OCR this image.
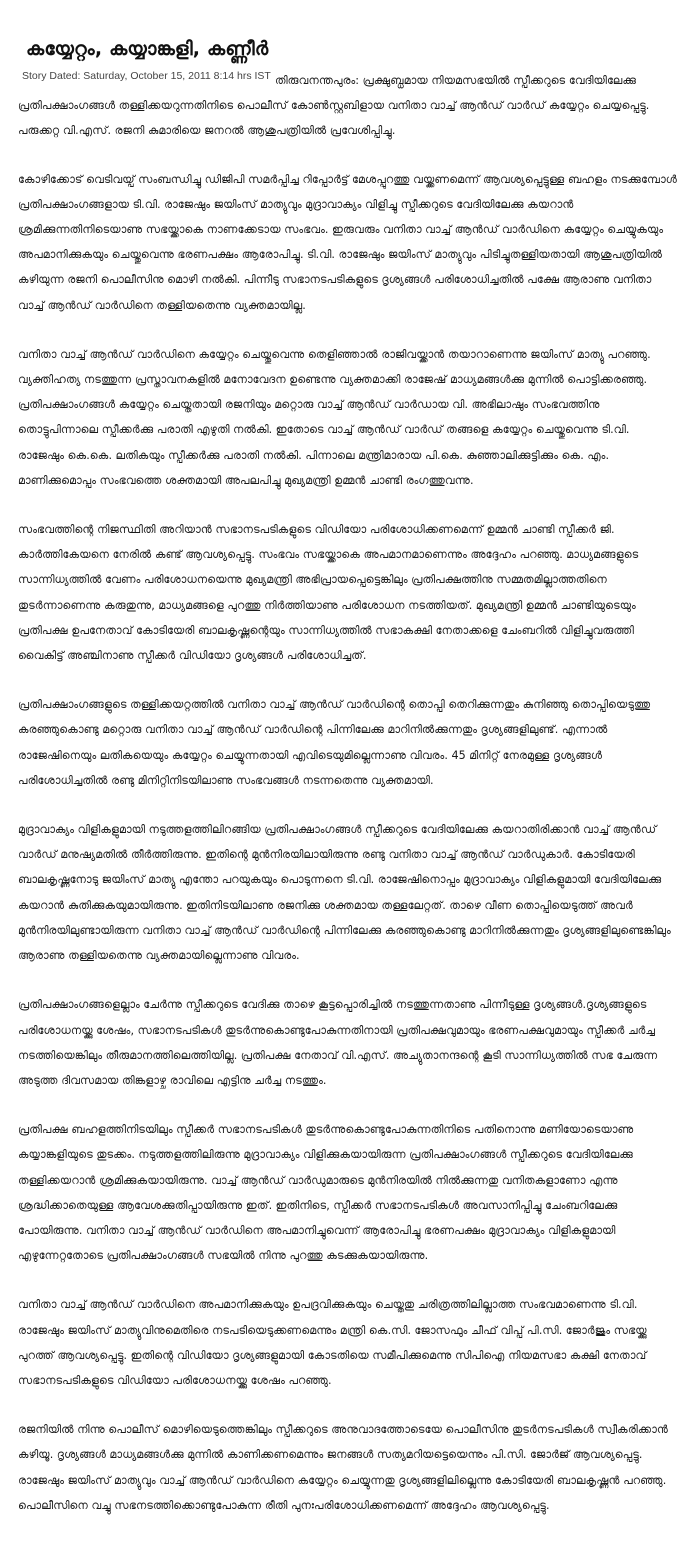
കയ്യേറ്റം, കയ്യാങ്കളി, കണ്ണീര്‍

തിരുവനന്തപുരം: പ്രക്ഷുബ്ധമായ നിയമസഭയില്‍ സ്പീക്കറുടെ വേദിയിലേക്കു പ്രതിപക്ഷാംഗങ്ങള്‍ തള്ളിക്കയറുന്നതിനിടെ പൊലീസ് കോണ്‍സ്റ്റബിളായ വനിതാ വാച്ച് ആന്‍ഡ് വാര്‍ഡ് കയ്യേറ്റം ചെയ്യപ്പെട്ടു. പരുക്കറ്റ വി.എസ്. രജനി കുമാരിയെ ജനറല്‍ ആശുപത്രിയില്‍ പ്രവേശിപ്പിച്ചു.

കോഴിക്കോട് വെടിവയ്പ് സംബന്ധിച്ചു ഡിജിപി സമര്‍പ്പിച്ച റിപ്പോര്‍ട്ട് മേശപ്പുറത്തു വയ്ക്കണമെന്ന് ആവശ്യപ്പെട്ടുള്ള ബഹളം നടക്കുമ്പോള്‍ പ്രതിപക്ഷാംഗങ്ങളായ ടി.വി. രാജേഷും ജയിംസ് മാത്യുവും മുദ്രാവാക്യം വിളിച്ചു സ്പീക്കറുടെ വേദിയിലേക്കു കയറാന്‍ ശ്രമിക്കുന്നതിനിടെയാണു സഭയ്ക്കാകെ നാണക്കേടായ സംഭവം. ഇരുവരും വനിതാ വാച്ച് ആന്‍ഡ് വാര്‍ഡിനെ കയ്യേറ്റം ചെയ്യുകയും അപമാനിക്കുകയും ചെയ്തുവെന്നു ഭരണപക്ഷം ആരോപിച്ചു. ടി.വി. രാജേഷും ജയിംസ് മാത്യുവും പിടിച്ചുതള്ളിയതായി ആശുപത്രിയില്‍ കഴിയുന്ന രജനി പൊലീസിനു മൊഴി നല്‍കി. പിന്നീടു സഭാനടപടികളുടെ ദൃശ്യങ്ങള്‍ പരിശോധിച്ചതില്‍ പക്ഷേ ആരാണു വനിതാ വാച്ച് ആന്‍ഡ് വാര്‍ഡിനെ തള്ളിയതെന്നു വ്യക്തമായില്ല.

വനിതാ വാച്ച് ആന്‍ഡ് വാര്‍ഡിനെ കയ്യേറ്റം ചെയ്തുവെന്നു തെളിഞ്ഞാല്‍ രാജിവയ്ക്കാന്‍ തയാറാണെന്നു ജയിംസ് മാത്യു പറഞ്ഞു. വ്യക്തിഹത്യ നടത്തുന്ന പ്രസ്താവനകളില്‍ മനോവേദന ഉണ്ടെന്നു വ്യക്തമാക്കി രാജേഷ് മാധ്യമങ്ങള്‍ക്കു മുന്നില്‍ പൊട്ടിക്കരഞ്ഞു. പ്രതിപക്ഷാംഗങ്ങള്‍ കയ്യേറ്റം ചെയ്തതായി രജനിയും മറ്റൊരു വാച്ച് ആന്‍ഡ് വാര്‍ഡായ വി. അഭിലാഷും സംഭവത്തിനു തൊട്ടുപിന്നാലെ സ്പീക്കര്‍ക്കു പരാതി എഴുതി നല്‍കി. ഇതോടെ വാച്ച് ആന്‍ഡ് വാര്‍ഡ് തങ്ങളെ കയ്യേറ്റം ചെയ്തുവെന്നു ടി.വി. രാജേഷും കെ.കെ. ലതികയും സ്പീക്കര്‍ക്കു പരാതി നല്‍കി. പിന്നാലെ മന്ത്രിമാരായ പി.കെ. കുഞ്ഞാലിക്കുട്ടിക്കും കെ. എം. മാണിക്കുമൊപ്പം സംഭവത്തെ ശക്തമായി അപലപിച്ചു മുഖ്യമന്ത്രി ഉമ്മന്‍ ചാണ്ടി രംഗത്തുവന്നു.

സംഭവത്തിന്റെ നിജസ്ഥിതി അറിയാന്‍ സഭാനടപടികളുടെ വിഡിയോ പരിശോധിക്കണമെന്ന് ഉമ്മന്‍ ചാണ്ടി സ്പീക്കര്‍ ജി. കാര്‍ത്തികേയനെ നേരില്‍ കണ്ട് ആവശ്യപ്പെട്ടു. സംഭവം സഭയ്ക്കാകെ അപമാനമാണെന്നും അദ്ദേഹം പറഞ്ഞു. മാധ്യമങ്ങളുടെ സാന്നിധ്യത്തില്‍ വേണം പരിശോധനയെന്നു മുഖ്യമന്ത്രി അഭിപ്രായപ്പെട്ടെങ്കിലും പ്രതിപക്ഷത്തിനു സമ്മതമില്ലാത്തതിനെ തുടര്‍ന്നാണെന്നു കരുതുന്നു, മാധ്യമങ്ങളെ പുറത്തു നിര്‍ത്തിയാണു പരിശോധന നടത്തിയത്. മുഖ്യമന്ത്രി ഉമ്മന്‍ ചാണ്ടിയുടെയും പ്രതിപക്ഷ ഉപനേതാവ് കോടിയേരി ബാലകൃഷ്ണന്റെയും സാന്നിധ്യത്തില്‍ സഭാകക്ഷി നേതാക്കളെ ചേംബറില്‍ വിളിച്ചുവരുത്തി വൈകിട്ട് അഞ്ചിനാണു സ്പീക്കര്‍ വിഡിയോ ദൃശ്യങ്ങള്‍ പരിശോധിച്ചത്.

പ്രതിപക്ഷാംഗങ്ങളുടെ തള്ളിക്കയറ്റത്തില്‍ വനിതാ വാച്ച് ആന്‍ഡ് വാര്‍ഡിന്റെ തൊപ്പി തെറിക്കുന്നതും കുനിഞ്ഞു തൊപ്പിയെടുത്തു കരഞ്ഞുകൊണ്ടു മറ്റൊരു വനിതാ വാച്ച് ആന്‍ഡ് വാര്‍ഡിന്റെ പിന്നിലേക്കു മാറിനില്‍ക്കുന്നതും ദൃശ്യങ്ങളിലുണ്ട്. എന്നാല്‍ രാജേഷിനെയും ലതികയെയും കയ്യേറ്റം ചെയ്യുന്നതായി എവിടെയുമില്ലെന്നാണു വിവരം. 45 മിനിറ്റ് നേരമുള്ള ദൃശ്യങ്ങള്‍ പരിശോധിച്ചതില്‍ രണ്ടു മിനിറ്റിനിടയിലാണു സംഭവങ്ങള്‍ നടന്നതെന്നു വ്യക്തമായി.

മുദ്രാവാക്യം വിളികളുമായി നടുത്തളത്തിലിറങ്ങിയ പ്രതിപക്ഷാംഗങ്ങള്‍ സ്പീക്കറുടെ വേദിയിലേക്കു കയറാതിരിക്കാന്‍ വാച്ച് ആന്‍ഡ് വാര്‍ഡ് മനുഷ്യമതില്‍ തീര്‍ത്തിരുന്നു. ഇതിന്റെ മുന്‍നിരയിലായിരുന്നു രണ്ടു വനിതാ വാച്ച് ആന്‍ഡ് വാര്‍ഡുകാര്‍. കോടിയേരി ബാലകൃഷ്ണനോടു ജയിംസ് മാത്യു എന്തോ പറയുകയും പൊടുന്നനെ ടി.വി. രാജേഷിനൊപ്പം മുദ്രാവാക്യം വിളികളുമായി വേദിയിലേക്കു കയറാന്‍ കുതിക്കുകയുമായിരുന്നു. ഇതിനിടയിലാണു രജനിക്കു ശക്തമായ തള്ളലേറ്റത്. താഴെ വീണ തൊപ്പിയെടുത്ത് അവര്‍ മുന്‍നിരയിലുണ്ടായിരുന്ന വനിതാ വാച്ച് ആന്‍ഡ് വാര്‍ഡിന്റെ പിന്നിലേക്കു കരഞ്ഞുകൊണ്ടു മാറിനില്‍ക്കുന്നതും ദൃശ്യങ്ങളിലുണ്ടെങ്കിലും ആരാണു തള്ളിയതെന്നു വ്യക്തമായില്ലെന്നാണു വിവരം.

പ്രതിപക്ഷാംഗങ്ങളെല്ലാം ചേര്‍ന്നു സ്പീക്കറുടെ വേദിക്കു താഴെ കൂട്ടപ്പൊരിച്ചില്‍ നടത്തുന്നതാണു പിന്നീടുള്ള ദൃശ്യങ്ങള്‍.ദൃശ്യങ്ങളുടെ പരിശോധനയ്ക്കു ശേഷം, സഭാനടപടികള്‍ തുടര്‍ന്നുകൊണ്ടുപോകുന്നതിനായി പ്രതിപക്ഷവുമായും ഭരണപക്ഷവുമായും സ്പീക്കര്‍ ചര്‍ച്ച നടത്തിയെങ്കിലും തീരുമാനത്തിലെത്തിയില്ല. പ്രതിപക്ഷ നേതാവ് വി.എസ്. അച്യുതാനന്ദന്റെ കൂടി സാന്നിധ്യത്തില്‍ സഭ ചേരുന്ന അടുത്ത ദിവസമായ തിങ്കളാഴ്ച രാവിലെ എട്ടിനു ചര്‍ച്ച നടത്തും.

പ്രതിപക്ഷ ബഹളത്തിനിടയിലും സ്പീക്കര്‍ സഭാനടപടികള്‍ തുടര്‍ന്നുകൊണ്ടുപോകുന്നതിനിടെ പതിനൊന്നു മണിയോടെയാണു കയ്യാങ്കളിയുടെ തുടക്കം. നടുത്തളത്തിലിരുന്നു മുദ്രാവാക്യം വിളിക്കുകയായിരുന്ന പ്രതിപക്ഷാംഗങ്ങള്‍ സ്പീക്കറുടെ വേദിയിലേക്കു തള്ളിക്കയറാന്‍ ശ്രമിക്കുകയായിരുന്നു. വാച്ച് ആന്‍ഡ് വാര്‍ഡുമാരുടെ മുന്‍നിരയില്‍ നില്‍ക്കുന്നതു വനിതകളാണോ എന്നു ശ്രദ്ധിക്കാതെയുള്ള ആവേശക്കുതിപ്പായിരുന്നു ഇത്. ഇതിനിടെ, സ്പീക്കര്‍ സഭാനടപടികള്‍ അവസാനിപ്പിച്ചു ചേംബറിലേക്കു പോയിരുന്നു. വനിതാ വാച്ച് ആന്‍ഡ് വാര്‍ഡിനെ അപമാനിച്ചുവെന്ന് ആരോപിച്ചു ഭരണപക്ഷം മുദ്രാവാക്യം വിളികളുമായി എഴുന്നേറ്റതോടെ പ്രതിപക്ഷാംഗങ്ങള്‍ സഭയില്‍ നിന്നു പുറത്തു കടക്കുകയായിരുന്നു.

വനിതാ വാച്ച് ആന്‍ഡ് വാര്‍ഡിനെ അപമാനിക്കുകയും ഉപദ്രവിക്കുകയും ചെയ്തതു ചരിത്രത്തിലില്ലാത്ത സംഭവമാണെന്നു ടി.വി. രാജേഷും ജയിംസ് മാത്യുവിനുമെതിരെ നടപടിയെടുക്കണമെന്നും മന്ത്രി കെ.സി. ജോസഫും ചീഫ് വിപ്പ് പി.സി. ജോര്‍ജും സഭയ്ക്കു പുറത്ത് ആവശ്യപ്പെട്ടു. ഇതിന്റെ വിഡിയോ ദൃശ്യങ്ങളുമായി കോടതിയെ സമീപിക്കുമെന്നു സിപിഐ നിയമസഭാ കക്ഷി നേതാവ് സഭാനടപടികളുടെ വിഡിയോ പരിശോധനയ്ക്കു ശേഷം പറഞ്ഞു.

രജനിയില്‍ നിന്നു പൊലീസ് മൊഴിയെടുത്തെങ്കിലും സ്പീക്കറുടെ അനുവാദത്തോടെയേ പൊലീസിനു തുടര്‍നടപടികള്‍ സ്വീകരിക്കാന്‍ കഴിയൂ. ദൃശ്യങ്ങള്‍ മാധ്യമങ്ങള്‍ക്കു മുന്നില്‍ കാണിക്കണമെന്നും ജനങ്ങള്‍ സത്യമറിയട്ടെയെന്നും പി.സി. ജോര്‍ജ് ആവശ്യപ്പെട്ടു. രാജേഷും ജയിംസ് മാത്യുവും വാച്ച് ആന്‍ഡ് വാര്‍ഡിനെ കയ്യേറ്റം ചെയ്യുന്നതു ദൃശ്യങ്ങളിലില്ലെന്നു കോടിയേരി ബാലകൃഷ്ണന്‍ പറഞ്ഞു. പൊലീസിനെ വച്ചു സഭനടത്തിക്കൊണ്ടുപോകുന്ന രീതി പുനഃപരിശോധിക്കണമെന്ന് അദ്ദേഹം ആവശ്യപ്പെട്ടു.

Story Dated: Saturday, October 15, 2011 8:14 hrs IST
